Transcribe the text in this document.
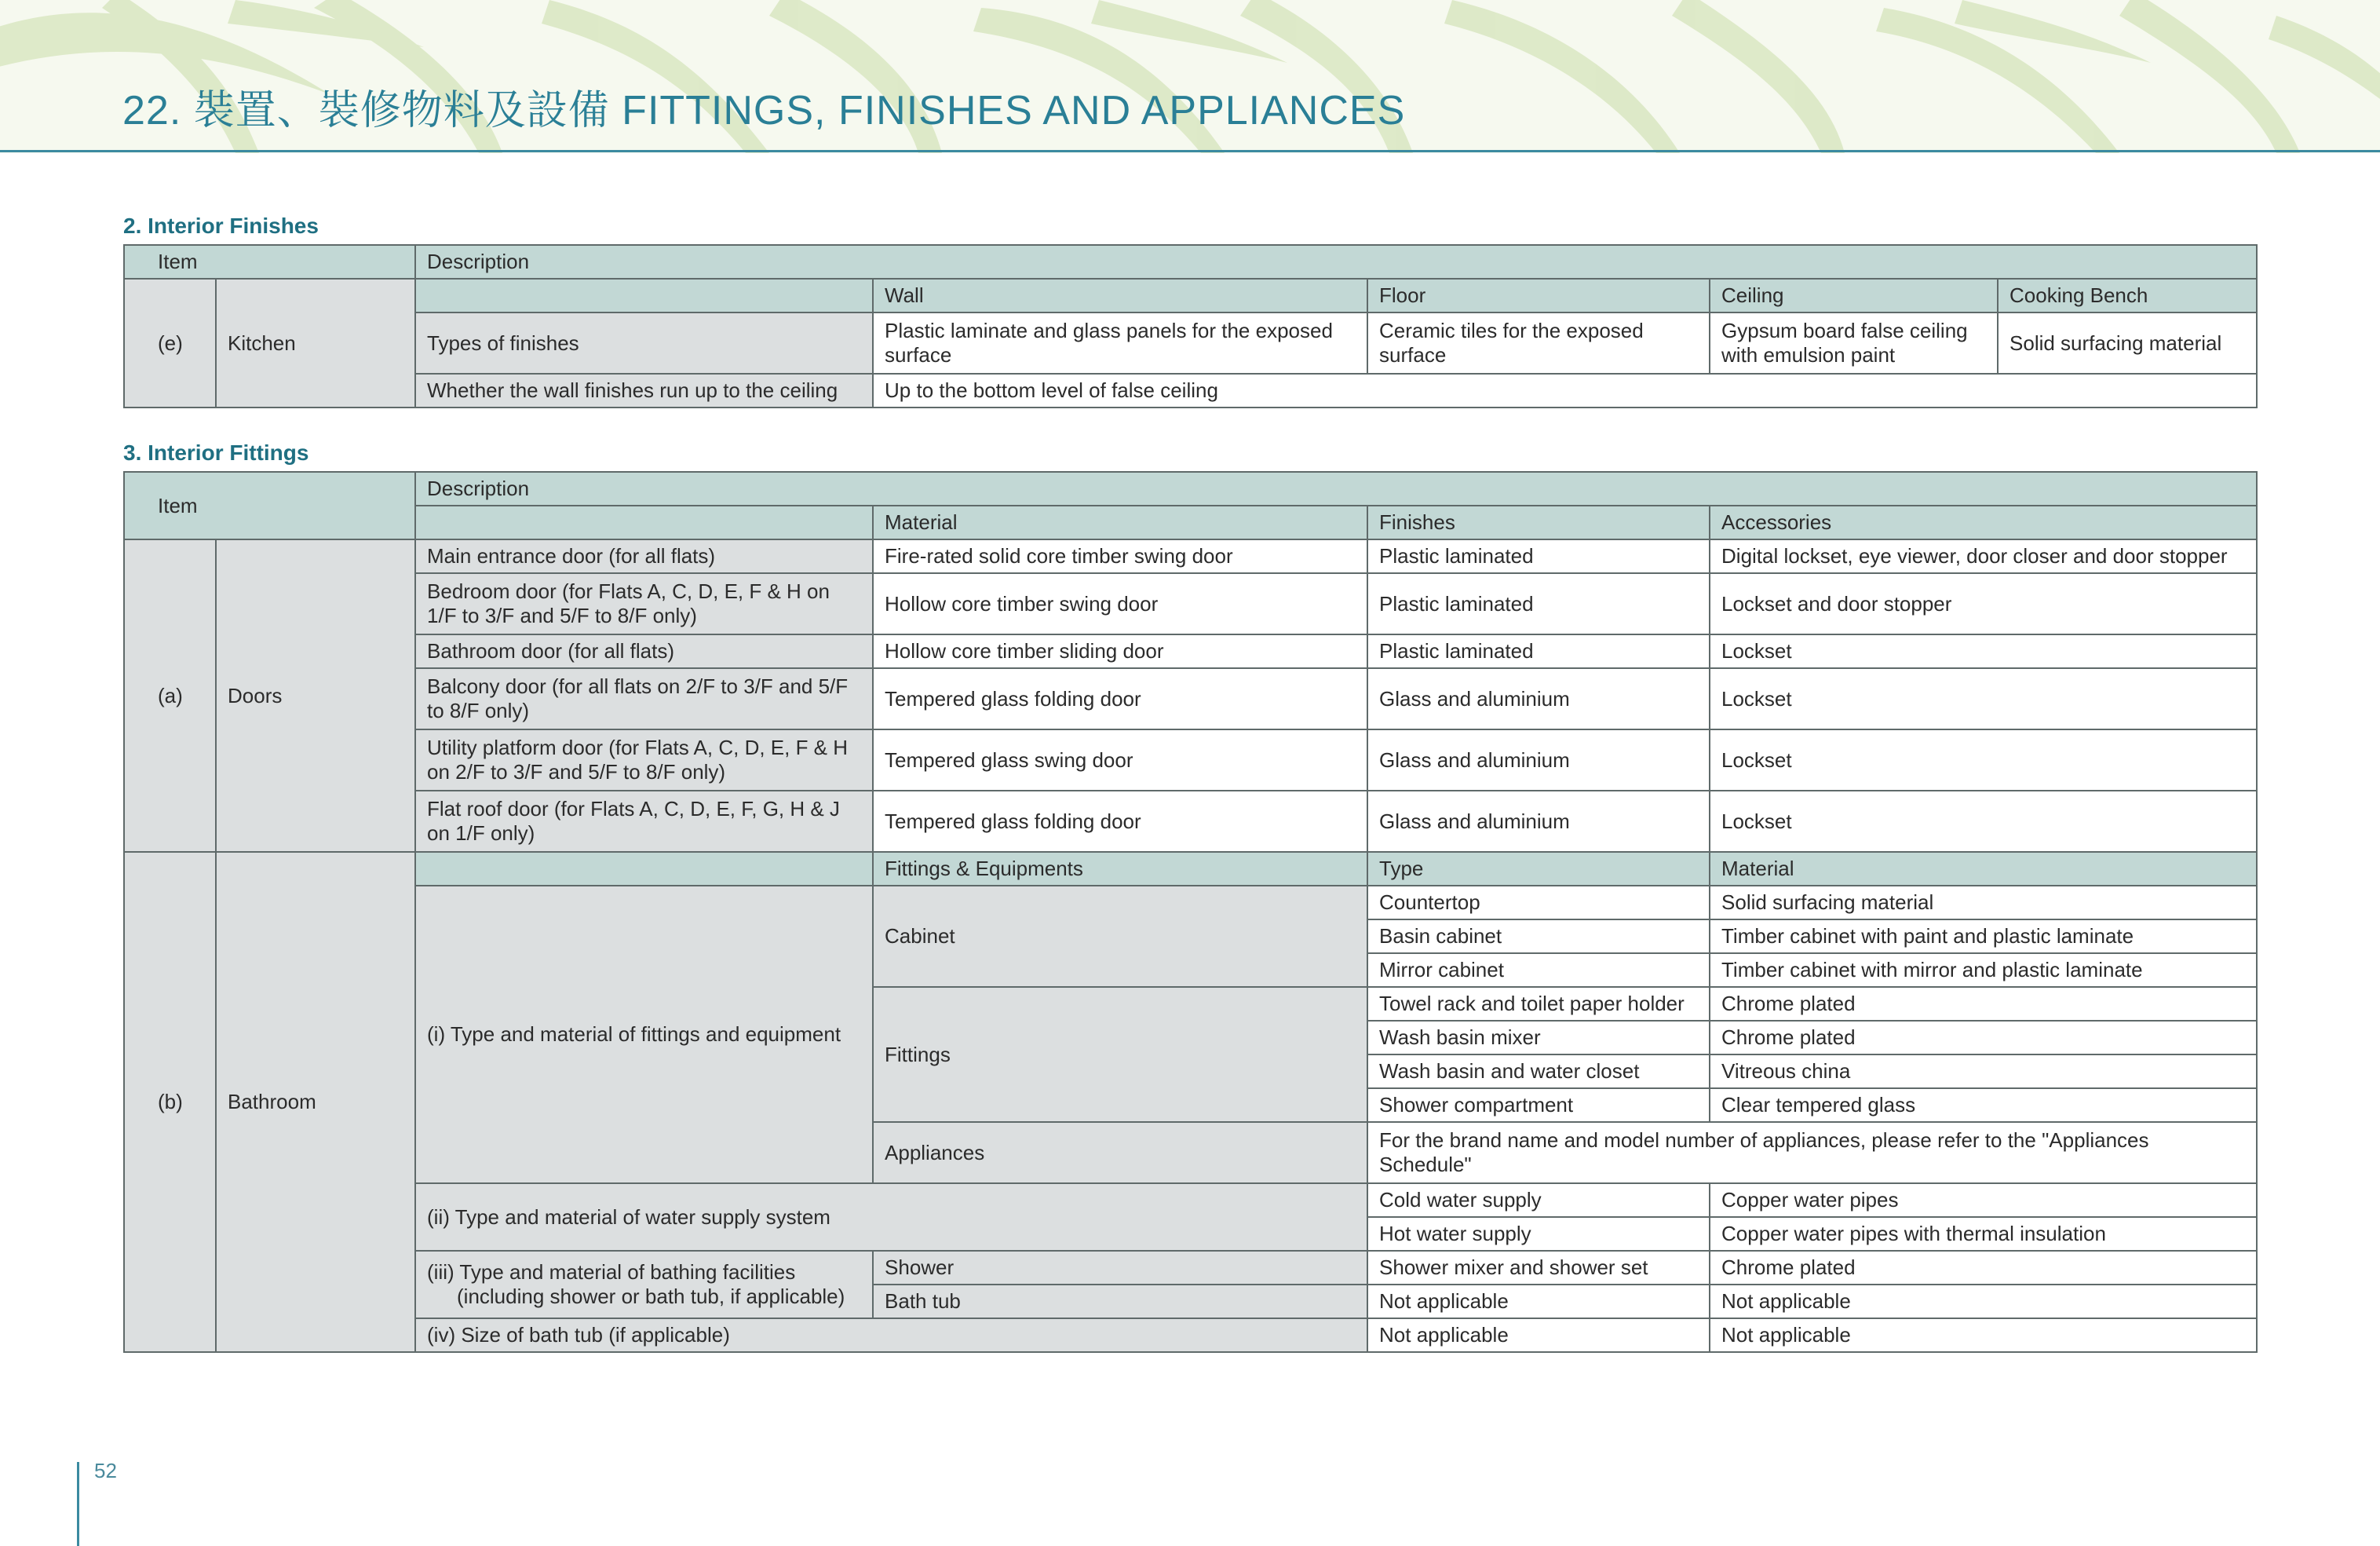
22. 裝置、裝修物料及設備 FITTINGS, FINISHES AND APPLIANCES
2. Interior Finishes
Item		Description				
(e)	Kitchen		Wall	Floor	Ceiling	Cooking Bench
		Types of finishes	Plastic laminate and glass panels for the exposed surface	Ceramic tiles for the exposed surface	Gypsum board false ceiling with emulsion paint	Solid surfacing material
		Whether the wall finishes run up to the ceiling	Up to the bottom level of false ceiling			
3. Interior Fittings
Item		Description			
			Material	Finishes	Accessories
(a)	Doors	Main entrance door (for all flats)	Fire-rated solid core timber swing door	Plastic laminated	Digital lockset, eye viewer, door closer and door stopper
		Bedroom door (for Flats A, C, D, E, F & H on 1/F to 3/F and 5/F to 8/F only)	Hollow core timber swing door	Plastic laminated	Lockset and door stopper
		Bathroom door (for all flats)	Hollow core timber sliding door	Plastic laminated	Lockset
		Balcony door (for all flats on 2/F to 3/F and 5/F to 8/F only)	Tempered glass folding door	Glass and aluminium	Lockset
		Utility platform door (for Flats A, C, D, E, F & H on 2/F to 3/F and 5/F to 8/F only)	Tempered glass swing door	Glass and aluminium	Lockset
		Flat roof door (for Flats A, C, D, E, F, G, H & J on 1/F only)	Tempered glass folding door	Glass and aluminium	Lockset
(b)	Bathroom		Fittings & Equipments	Type	Material
		(i) Type and material of fittings and equipment	Cabinet	Countertop	Solid surfacing material
				Basin cabinet	Timber cabinet with paint and plastic laminate
				Mirror cabinet	Timber cabinet with mirror and plastic laminate
			Fittings	Towel rack and toilet paper holder	Chrome plated
				Wash basin mixer	Chrome plated
				Wash basin and water closet	Vitreous china
				Shower compartment	Clear tempered glass
			Appliances	For the brand name and model number of appliances, please refer to the "Appliances Schedule"	
		(ii) Type and material of water supply system		Cold water supply	Copper water pipes
				Hot water supply	Copper water pipes with thermal insulation

		(iii) Type and material of bathing facilities (including shower or bath tub, if applicable)	Shower	Shower mixer and shower set	Chrome plated
			Bath tub	Not applicable	Not applicable
		(iv) Size of bath tub (if applicable)		Not applicable	Not applicable
52
